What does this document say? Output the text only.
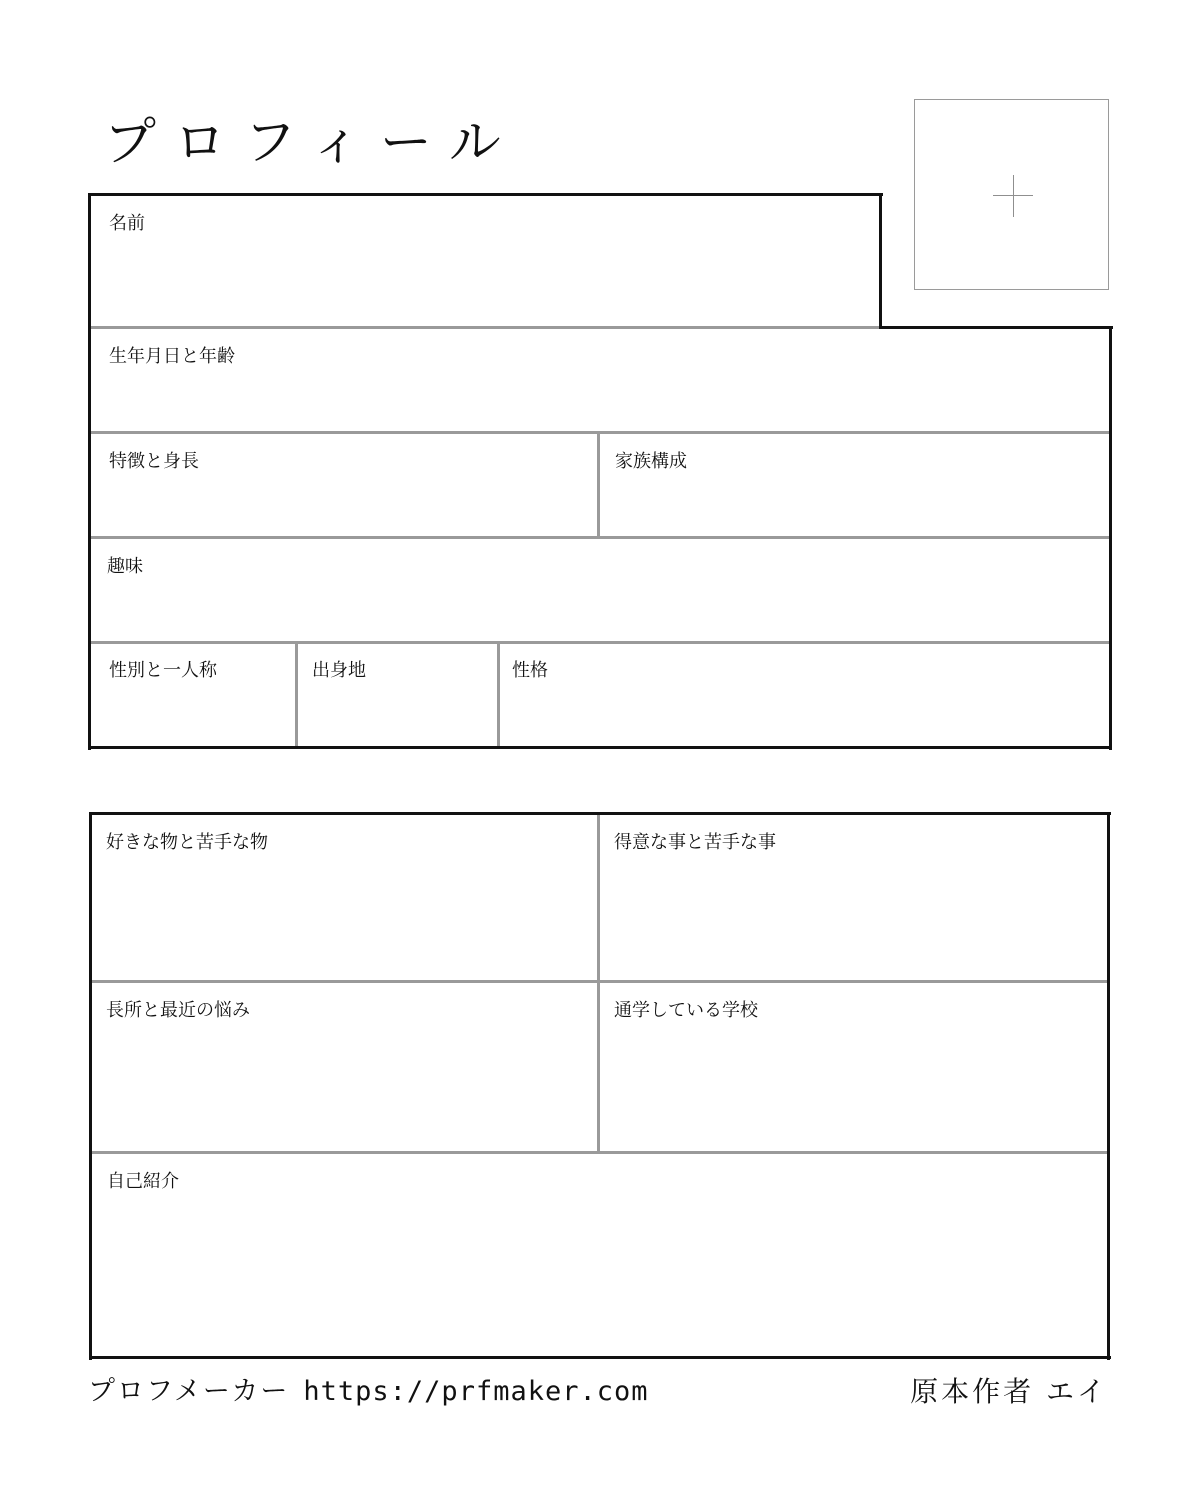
プロフィール
名前
生年月日と年齢
特徴と身長	家族構成
趣味
性別と一人称	出身地	性格
好きな物と苦手な物	得意な事と苦手な事
長所と最近の悩み	通学している学校
自己紹介
プロフメーカー https://prfmaker.com	原本作者 エイ
